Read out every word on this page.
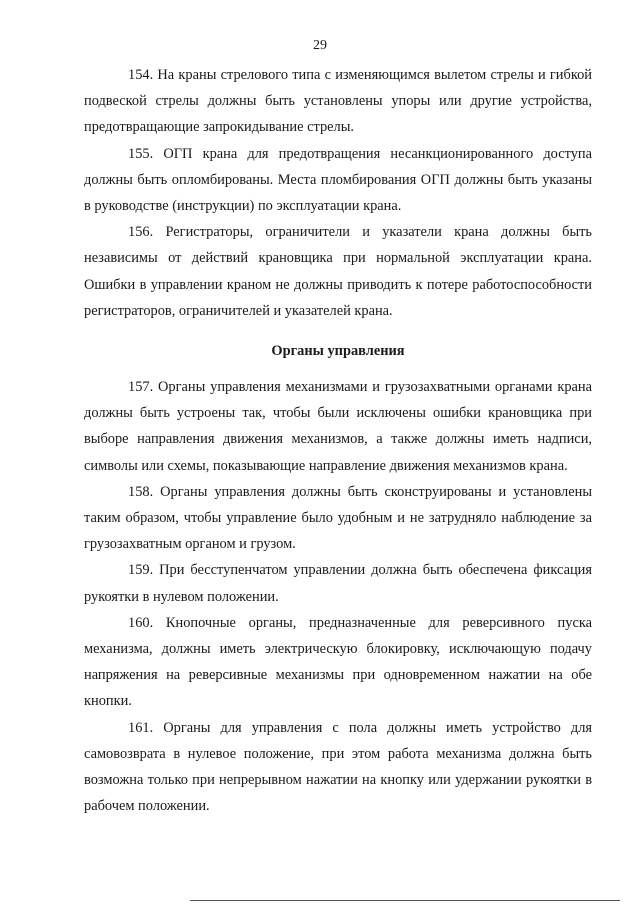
29

154. На краны стрелового типа с изменяющимся вылетом стрелы и гибкой подвеской стрелы должны быть установлены упоры или другие устройства, предотвращающие запрокидывание стрелы.

155. ОГП крана для предотвращения несанкционированного доступа должны быть опломбированы. Места пломбирования ОГП должны быть указаны в руководстве (инструкции) по эксплуатации крана.

156. Регистраторы, ограничители и указатели крана должны быть независимы от действий крановщика при нормальной эксплуатации крана. Ошибки в управлении краном не должны приводить к потере работоспособности регистраторов, ограничителей и указателей крана.

Органы управления

157. Органы управления механизмами и грузозахватными органами крана должны быть устроены так, чтобы были исключены ошибки крановщика при выборе направления движения механизмов, а также должны иметь надписи, символы или схемы, показывающие направление движения механизмов крана.

158. Органы управления должны быть сконструированы и установлены таким образом, чтобы управление было удобным и не затрудняло наблюдение за грузозахватным органом и грузом.

159. При бесступенчатом управлении должна быть обеспечена фиксация рукоятки в нулевом положении.

160. Кнопочные органы, предназначенные для реверсивного пуска механизма, должны иметь электрическую блокировку, исключающую подачу напряжения на реверсивные механизмы при одновременном нажатии на обе кнопки.

161. Органы для управления с пола должны иметь устройство для самовозврата в нулевое положение, при этом работа механизма должна быть возможна только при непрерывном нажатии на кнопку или удержании рукоятки в рабочем положении.
